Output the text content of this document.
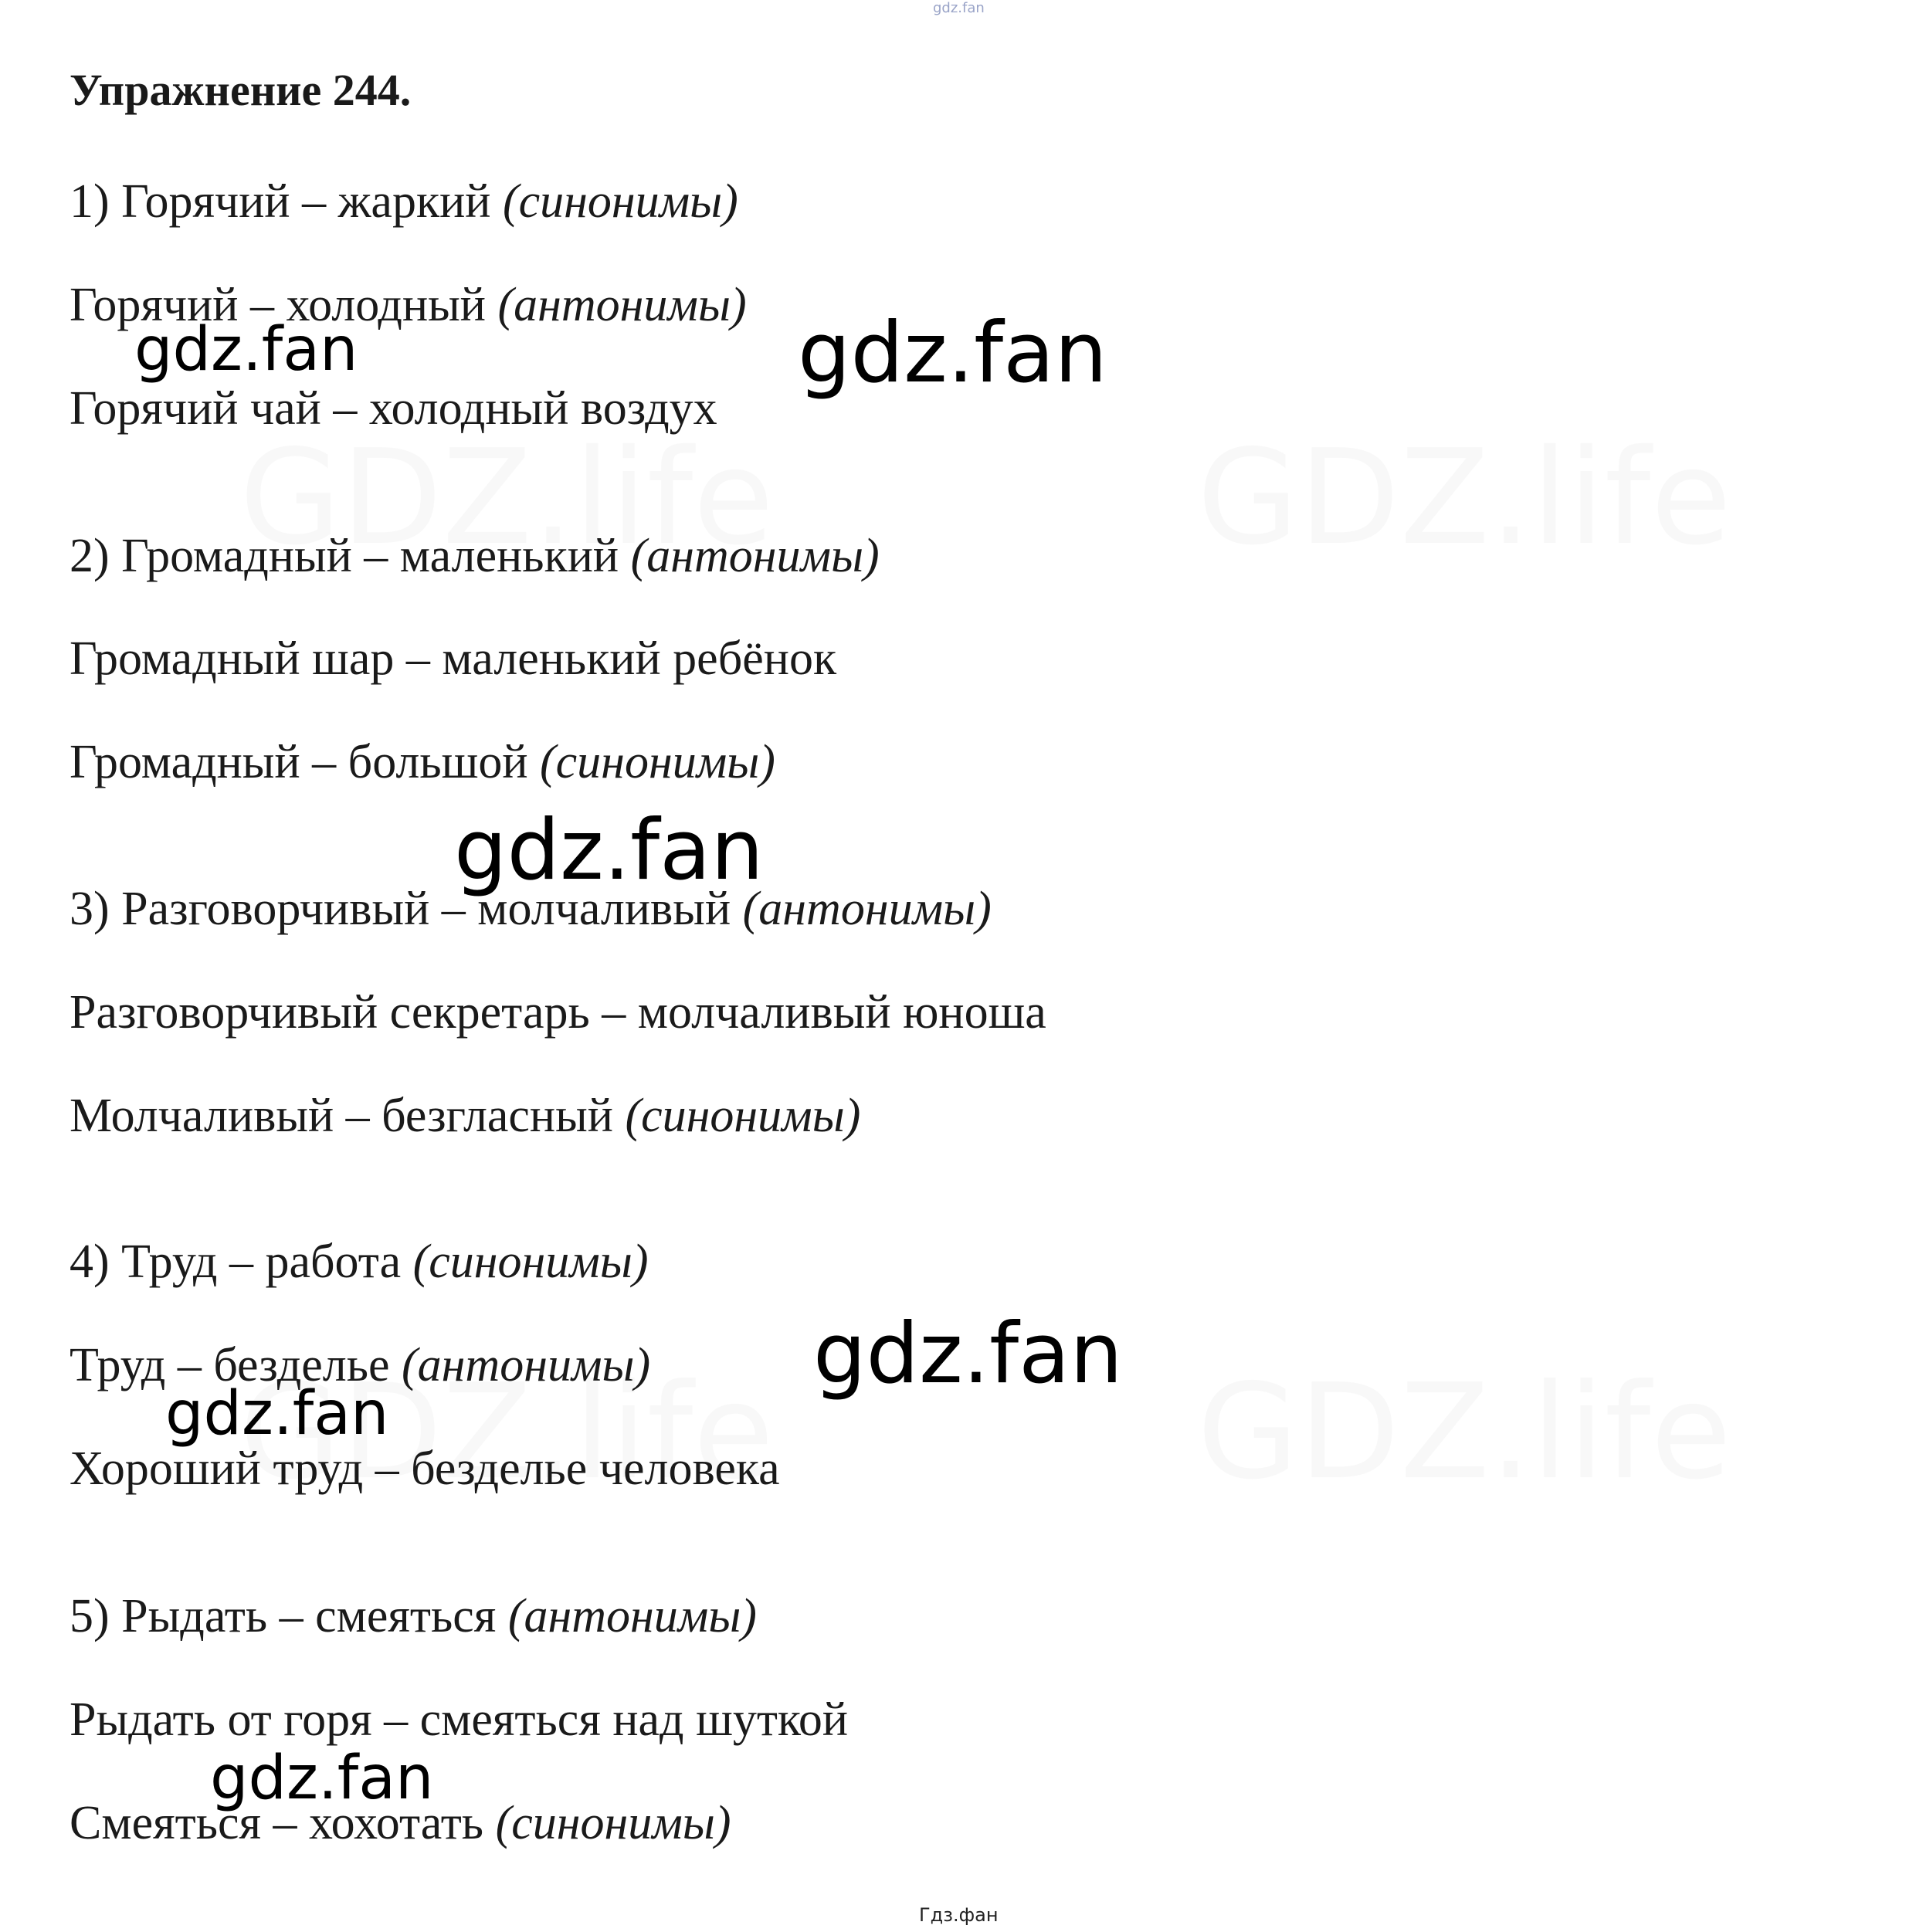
gdz.fan
Упражнение 244.
1) Горячий – жаркий (синонимы)
Горячий – холодный (антонимы)
Горячий чай – холодный воздух
2) Громадный – маленький (антонимы)
Громадный шар – маленький ребёнок
Громадный – большой (синонимы)
3) Разговорчивый – молчаливый (антонимы)
Разговорчивый секретарь – молчаливый юноша
Молчаливый – безгласный (синонимы)
4) Труд – работа (синонимы)
Труд – безделье (антонимы)
Хороший труд – безделье человека
5) Рыдать – смеяться (антонимы)
Рыдать от горя – смеяться над шуткой
Смеяться – хохотать (синонимы)
gdz.fan	gdz.fan
gdz.fan
gdz.fan
gdz.fan
gdz.fan
Гдз.фан
